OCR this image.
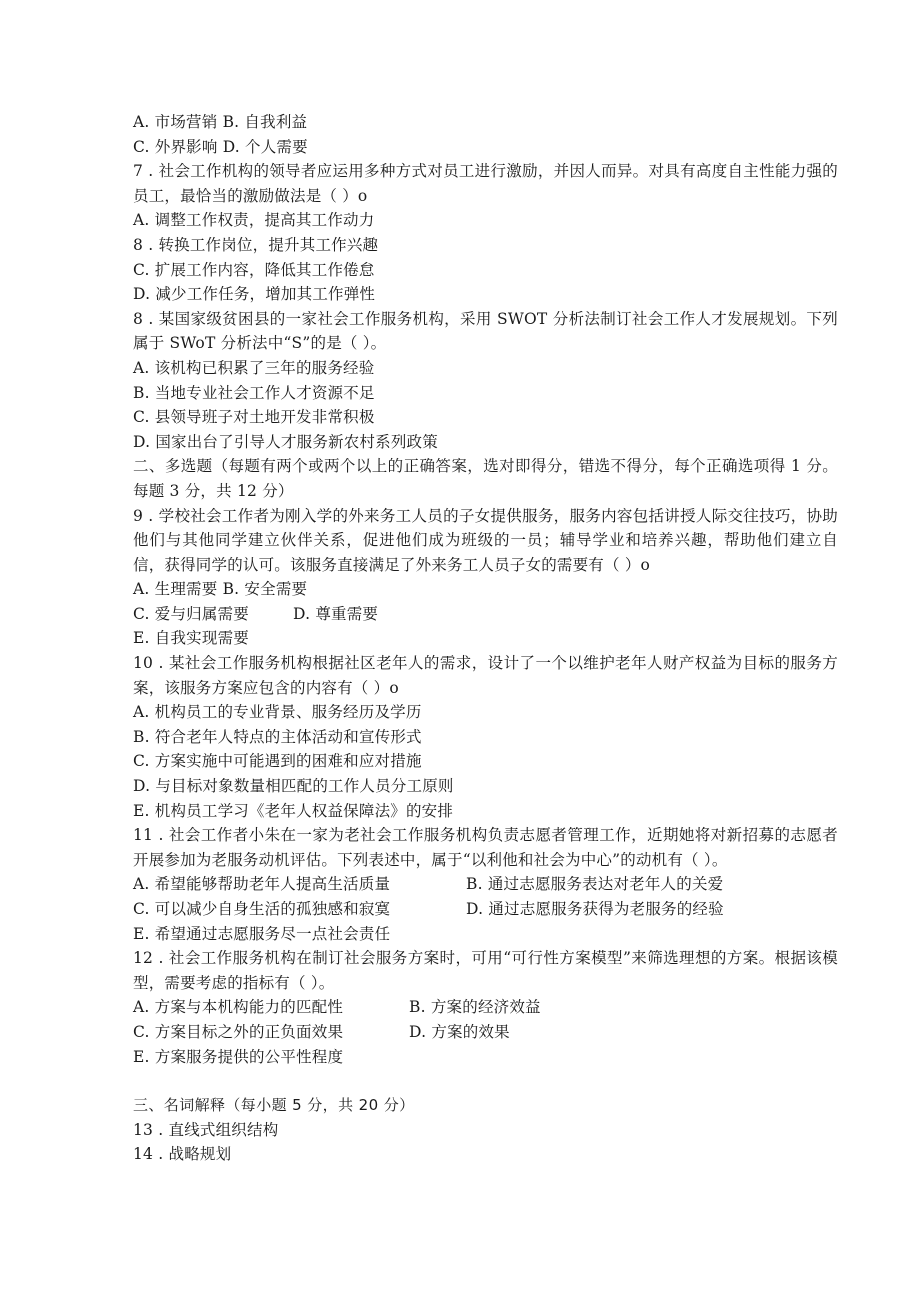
A. 市场营销 B. 自我利益
C. 外界影响 D. 个人需要
7 . 社会工作机构的领导者应运用多种方式对员工进行激励，并因人而异。对具有高度自主性能力强的员工，最恰当的激励做法是（ ）o
A. 调整工作权责，提高其工作动力
8 . 转换工作岗位，提升其工作兴趣
C. 扩展工作内容，降低其工作倦怠
D. 减少工作任务，增加其工作弹性
8 . 某国家级贫困县的一家社会工作服务机构，采用 SWOT 分析法制订社会工作人才发展规划。下列属于 SWoT 分析法中“S”的是（ ）。
A. 该机构已积累了三年的服务经验
B. 当地专业社会工作人才资源不足
C. 县领导班子对土地开发非常积极
D. 国家出台了引导人才服务新农村系列政策
二、多选题（每题有两个或两个以上的正确答案，选对即得分，错选不得分，每个正确选项得 1 分。每题 3 分，共 12 分）
9 . 学校社会工作者为刚入学的外来务工人员的子女提供服务，服务内容包括讲授人际交往技巧，协助他们与其他同学建立伙伴关系，促进他们成为班级的一员；辅导学业和培养兴趣，帮助他们建立自信，获得同学的认可。该服务直接满足了外来务工人员子女的需要有（ ）o
A. 生理需要 B. 安全需要
C. 爱与归属需要	D. 尊重需要
E. 自我实现需要
10 . 某社会工作服务机构根据社区老年人的需求，设计了一个以维护老年人财产权益为目标的服务方案，该服务方案应包含的内容有（ ）o
A. 机构员工的专业背景、服务经历及学历
B. 符合老年人特点的主体活动和宣传形式
C. 方案实施中可能遇到的困难和应对措施
D. 与目标对象数量相匹配的工作人员分工原则
E. 机构员工学习《老年人权益保障法》的安排
11 . 社会工作者小朱在一家为老社会工作服务机构负责志愿者管理工作，近期她将对新招募的志愿者开展参加为老服务动机评估。下列表述中，属于“以利他和社会为中心”的动机有（ ）。
A. 希望能够帮助老年人提高生活质量	B. 通过志愿服务表达对老年人的关爱
C. 可以减少自身生活的孤独感和寂寞	D. 通过志愿服务获得为老服务的经验
E. 希望通过志愿服务尽一点社会责任
12 . 社会工作服务机构在制订社会服务方案时，可用“可行性方案模型”来筛选理想的方案。根据该模型，需要考虑的指标有（ ）。
A. 方案与本机构能力的匹配性	B. 方案的经济效益
C. 方案目标之外的正负面效果	D. 方案的效果
E. 方案服务提供的公平性程度
三、名词解释（每小题 5 分，共 20 分）
13 . 直线式组织结构
14 . 战略规划
